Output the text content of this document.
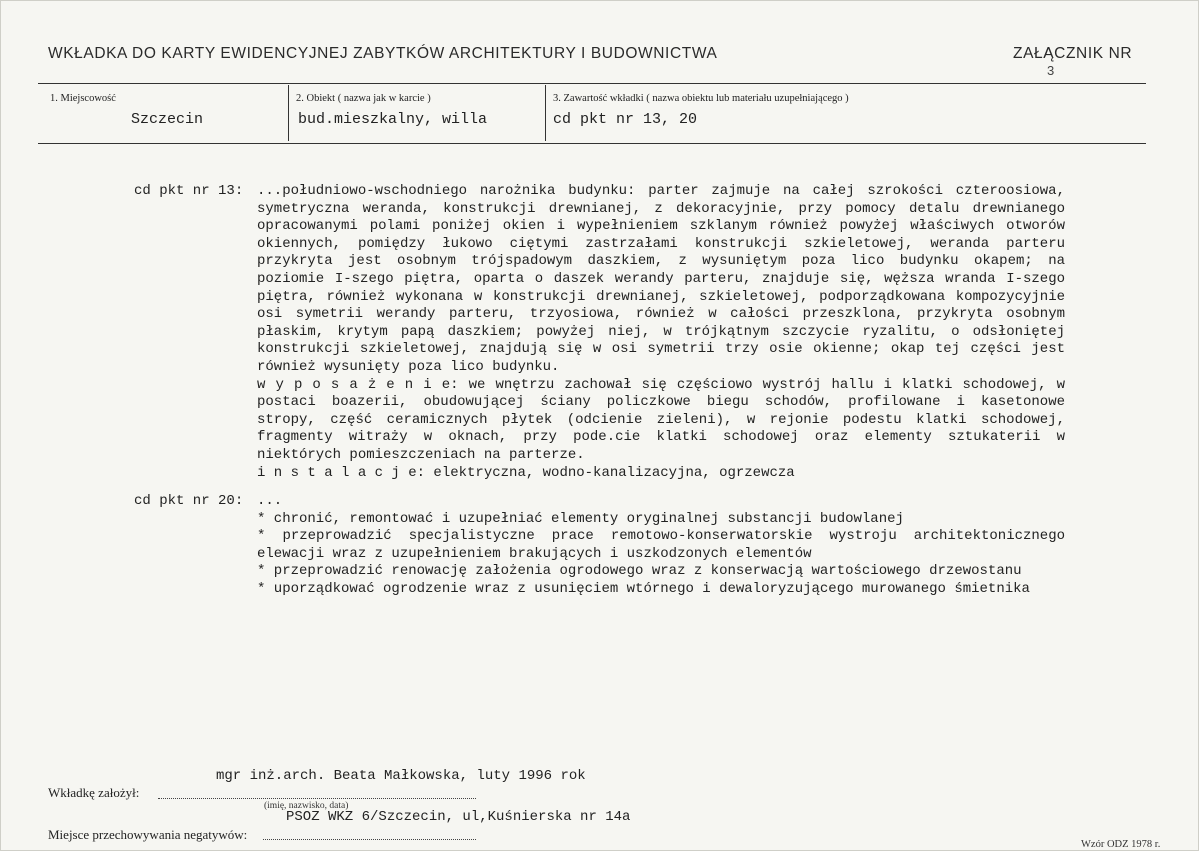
WKŁADKA DO KARTY EWIDENCYJNEJ ZABYTKÓW ARCHITEKTURY I BUDOWNICTWA	ZAŁĄCZNIK NR
3
1. Miejscowość
Szczecin
2. Obiekt ( nazwa jak w karcie )
bud.mieszkalny, willa
3. Zawartość wkładki ( nazwa obiektu lub materiału uzupełniającego )
cd pkt nr 13, 20
cd pkt nr 13: ...południowo-wschodniego narożnika budynku: parter zajmuje na całej szrokości czteroosiowa,
symetryczna weranda, konstrukcji drewnianej, z dekoracyjnie, przy pomocy detalu drewnianego
opracowanymi polami poniżej okien i wypełnieniem szklanym również powyżej właściwych otworów
okiennych, pomiędzy łukowo ciętymi zastrzałami konstrukcji szkieletowej, weranda parteru
przykryta jest osobnym trójspadowym daszkiem, z wysuniętym poza lico budynku okapem; na
poziomie I-szego piętra, oparta o daszek werandy parteru, znajduje się, węższa wranda I-szego
piętra, również wykonana w konstrukcji drewnianej, szkieletowej, podporządkowana kompozycyjnie
osi symetrii werandy parteru, trzyosiowa, również w całości przeszklona, przykryta osobnym
płaskim, krytym papą daszkiem; powyżej niej, w trójkątnym szczycie ryzalitu, o odsłoniętej
konstrukcji szkieletowej, znajdują się w osi symetrii trzy osie okienne; okap tej części jest
również wysunięty poza lico budynku.
w y p o s a ż e n i e: we wnętrzu zachował się częściowo wystrój hallu i klatki schodowej, w
postaci boazerii, obudowującej ściany policzkowe biegu schodów, profilowane i kasetonowe
stropy, część ceramicznych płytek (odcienie zieleni), w rejonie podestu klatki schodowej,
fragmenty witraży w oknach, przy pode.cie klatki schodowej oraz elementy sztukaterii w
niektórych pomieszczeniach na parterze.
i n s t a l a c j e: elektryczna, wodno-kanalizacyjna, ogrzewcza
cd pkt nr 20: ...
* chronić, remontować i uzupełniać elementy oryginalnej substancji budowlanej
* przeprowadzić specjalistyczne prace remotowo-konserwatorskie wystroju architektonicznego
elewacji wraz z uzupełnieniem brakujących i uszkodzonych elementów
* przeprowadzić renowację założenia ogrodowego wraz z konserwacją wartościowego drzewostanu
* uporządkować ogrodzenie wraz z usunięciem wtórnego i dewaloryzującego murowanego śmietnika
mgr inż.arch. Beata Małkowska, luty 1996 rok
Wkładkę założył:
(imię, nazwisko, data)
PSOZ WKZ 6/Szczecin, ul,Kuśnierska nr 14a
Miejsce przechowywania negatywów:
Wzór ODZ 1978 r.
